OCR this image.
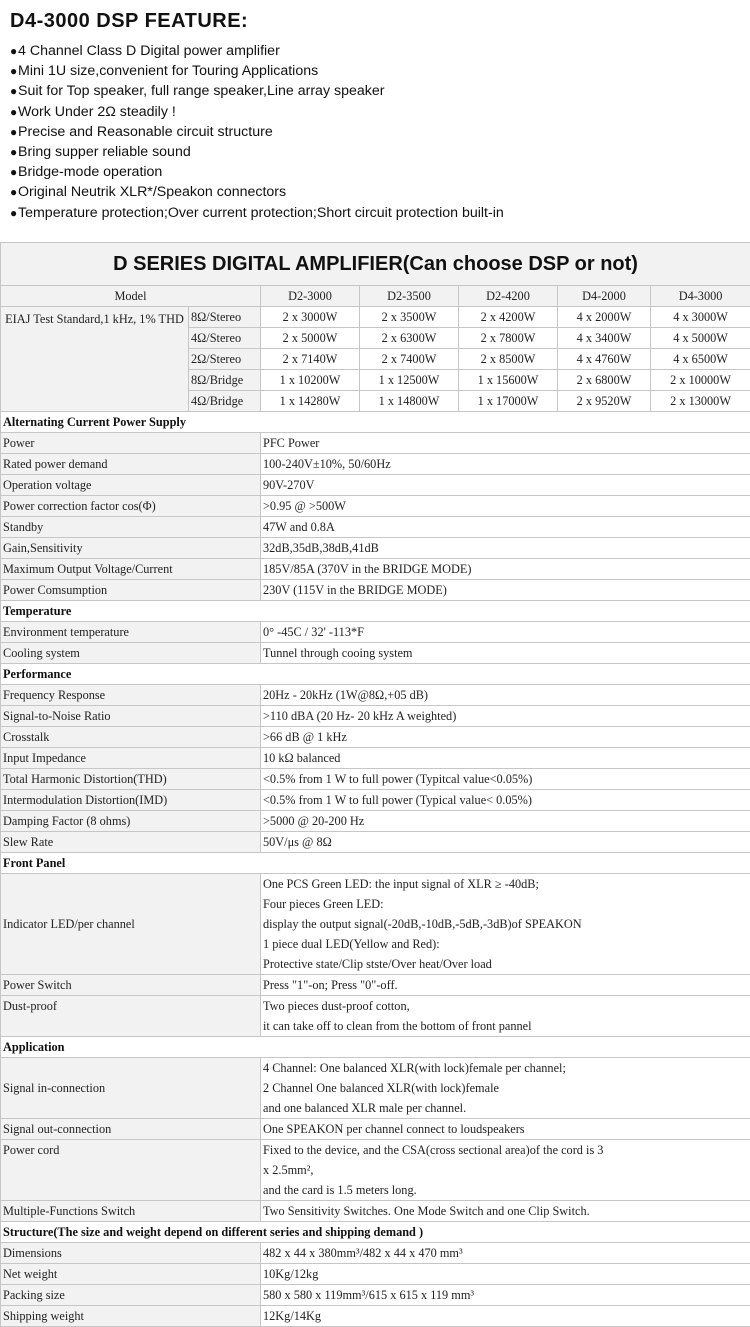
D4-3000 DSP FEATURE:
●4 Channel Class D Digital power amplifier
●Mini 1U size,convenient for Touring Applications
●Suit for Top speaker, full range speaker,Line array speaker
●Work Under 2Ω steadily !
●Precise and Reasonable circuit structure
●Bring supper reliable sound
●Bridge-mode operation
●Original Neutrik XLR*/Speakon connectors
●Temperature protection;Over current protection;Short circuit protection built-in
D SERIES DIGITAL AMPLIFIER(Can choose DSP or not)						
Model		D2-3000	D2-3500	D2-4200	D4-2000	D4-3000
EIAJ Test Standard,1 kHz, 1% THD	8Ω/Stereo	2 x 3000W	2 x 3500W	2 x 4200W	4 x 2000W	4 x 3000W
	4Ω/Stereo	2 x 5000W	2 x 6300W	2 x 7800W	4 x 3400W	4 x 5000W
	2Ω/Stereo	2 x 7140W	2 x 7400W	2 x 8500W	4 x 4760W	4 x 6500W
	8Ω/Bridge	1 x 10200W	1 x 12500W	1 x 15600W	2 x 6800W	2 x 10000W
	4Ω/Bridge	1 x 14280W	1 x 14800W	1 x 17000W	2 x 9520W	2 x 13000W
Alternating Current Power Supply						
Power		PFC Power				
Rated power demand		100-240V±10%, 50/60Hz				
Operation voltage		90V-270V				
Power correction factor cos(Φ)		>0.95 @ >500W				
Standby		47W and 0.8A				
Gain,Sensitivity		32dB,35dB,38dB,41dB				
Maximum Output Voltage/Current		185V/85A (370V in the BRIDGE MODE)				
Power Comsumption		230V (115V in the BRIDGE MODE)				
Temperature						
Environment temperature		0° -45C / 32' -113*F				
Cooling system		Tunnel through cooing system				
Performance						
Frequency Response		20Hz - 20kHz (1W@8Ω,+05 dB)				
Signal-to-Noise Ratio		>110 dBA (20 Hz- 20 kHz A weighted)				
Crosstalk		>66 dB @ 1 kHz				
Input Impedance		10 kΩ balanced				
Total Harmonic Distortion(THD)		<0.5% from 1 W to full power (Typitcal value<0.05%)				
Intermodulation Distortion(IMD)		<0.5% from 1 W to full power (Typical value< 0.05%)				
Damping Factor (8 ohms)		>5000 @ 20-200 Hz				
Slew Rate		50V/μs @ 8Ω				
Front Panel						
Indicator LED/per channel		One PCS Green LED: the input signal of XLR ≥ -40dB;
Four pieces Green LED:
display the output signal(-20dB,-10dB,-5dB,-3dB)of SPEAKON
1 piece dual LED(Yellow and Red):
Protective state/Clip stste/Over heat/Over load				

Power Switch		Press "1"-on; Press "0"-off.				

Dust-proof		Two pieces dust-proof cotton,
it can take off to clean from the bottom of front pannel				

Application						
Signal in-connection		4 Channel: One balanced XLR(with lock)female per channel;
2 Channel One balanced XLR(with lock)female
and one balanced XLR male per channel.				

Signal out-connection		One SPEAKON per channel connect to loudspeakers				

Power cord		Fixed to the device, and the CSA(cross sectional area)of the cord is 3
x 2.5mm²,
and the card is 1.5 meters long.				

Multiple-Functions Switch		Two Sensitivity Switches. One Mode Switch and one Clip Switch.				

Structure(The size and weight depend on different series and shipping demand )						
Dimensions		482 x 44 x 380mm³/482 x 44 x 470 mm³				
Net weight		10Kg/12kg				
Packing size		580 x 580 x 119mm³/615 x 615 x 119 mm³				
Shipping weight		12Kg/14Kg				
